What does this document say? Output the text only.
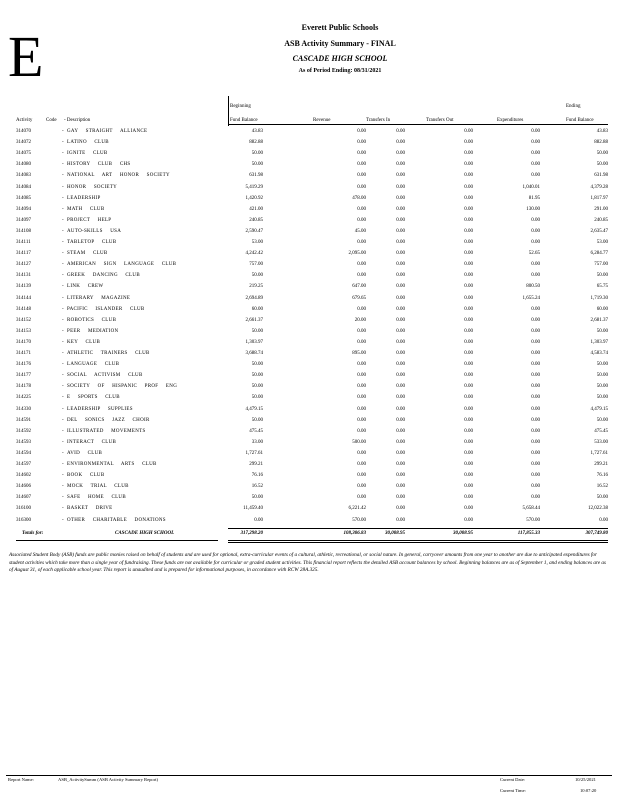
E	Everett Public Schools
ASB Activity Summary - FINAL
CASCADE HIGH SCHOOL
As of Period Ending: 08/31/2021
Beginning	Ending
Activity	Code - Description	Fund Balance	Revenue	Transfers In	Transfers Out	Expenditures	Fund Balance
314070	- GAY STRAIGHT ALLIANCE	43.83	0.00	0.00	0.00	0.00	43.83
314072	- LATINO CLUB	882.88	0.00	0.00	0.00	0.00	882.88
314075	- IGNITE CLUB	50.00	0.00	0.00	0.00	0.00	50.00
314080	- HISTORY CLUB CHS	50.00	0.00	0.00	0.00	0.00	50.00
314083	- NATIONAL ART HONOR SOCIETY	631.98	0.00	0.00	0.00	0.00	631.98
314084	- HONOR SOCIETY	5,419.29	0.00	0.00	0.00	1,040.01	4,379.28
314085	- LEADERSHIP	1,420.92	478.00	0.00	0.00	81.95	1,817.97
314094	- MATH CLUB	421.00	0.00	0.00	0.00	130.00	291.00
314097	- PROJECT HELP	240.85	0.00	0.00	0.00	0.00	240.85
314108	- AUTO-SKILLS USA	2,590.47	45.00	0.00	0.00	0.00	2,635.47
314111	- TABLETOP CLUB	53.00	0.00	0.00	0.00	0.00	53.00
314117	- STEAM CLUB	4,242.42	2,095.00	0.00	0.00	52.65	6,284.77
314127	- AMERICAN SIGN LANGUAGE CLUB	757.00	0.00	0.00	0.00	0.00	757.00
314131	- GREEK DANCING CLUB	50.00	0.00	0.00	0.00	0.00	50.00
314139	- LINK CREW	219.25	647.00	0.00	0.00	800.50	65.75
314144	- LITERARY MAGAZINE	2,694.89	679.65	0.00	0.00	1,655.24	1,719.30
314148	- PACIFIC ISLANDER CLUB	60.00	0.00	0.00	0.00	0.00	60.00
314152	- ROBOTICS CLUB	2,661.37	20.00	0.00	0.00	0.00	2,681.37
314153	- PEER MEDIATION	50.00	0.00	0.00	0.00	0.00	50.00
314170	- KEY CLUB	1,303.97	0.00	0.00	0.00	0.00	1,303.97
314171	- ATHLETIC TRAINERS CLUB	3,688.74	895.00	0.00	0.00	0.00	4,583.74
314176	- LANGUAGE CLUB	50.00	0.00	0.00	0.00	0.00	50.00
314177	- SOCIAL ACTIVISM CLUB	50.00	0.00	0.00	0.00	0.00	50.00
314178	- SOCIETY OF HISPANIC PROF ENG	50.00	0.00	0.00	0.00	0.00	50.00
314225	- E SPORTS CLUB	50.00	0.00	0.00	0.00	0.00	50.00
314330	- LEADERSHIP SUPPLIES	4,479.15	0.00	0.00	0.00	0.00	4,479.15
314591	- DEL SONICS JAZZ CHOIR	50.00	0.00	0.00	0.00	0.00	50.00
314592	- ILLUSTRATED MOVEMENTS	475.45	0.00	0.00	0.00	0.00	475.45
314593	- INTERACT CLUB	33.00	500.00	0.00	0.00	0.00	533.00
314594	- AVID CLUB	1,727.61	0.00	0.00	0.00	0.00	1,727.61
314597	- ENVIRONMENTAL ARTS CLUB	299.21	0.00	0.00	0.00	0.00	299.21
314602	- BOOK CLUB	76.16	0.00	0.00	0.00	0.00	76.16
314606	- MOCK TRIAL CLUB	16.52	0.00	0.00	0.00	0.00	16.52
314607	- SAFE HOME CLUB	50.00	0.00	0.00	0.00	0.00	50.00
316100	- BASKET DRIVE	11,459.40	6,221.42	0.00	0.00	5,658.44	12,022.38
316300	- OTHER CHARITABLE DONATIONS	0.00	570.00	0.00	0.00	570.00	0.00
Totals for:	CASCADE HIGH SCHOOL	317,298.20	108,306.83	30,008.95	30,008.95	117,855.33	307,749.80
Associated Student Body (ASB) funds are public monies raised on behalf of students and are used for optional, extra-curricular events of a cultural, athletic, recreational, or social nature. In general, carryover amounts from one year to another are due to anticipated expenditures for student activities which take more than a single year of fundraising. These funds are not available for curricular or graded student activities. This financial report reflects the detailed ASB account balances by school. Beginning balances are as of September 1, and ending balances are as of August 31, of each applicable school year. This report is unaudited and is prepared for informational purposes, in accordance with RCW 28A.325.
Report Name:	ASB_ActivitySumm (ASB Activity Summary Report)	Current Date:	10/25/2021
Current Time:	10:07:20
